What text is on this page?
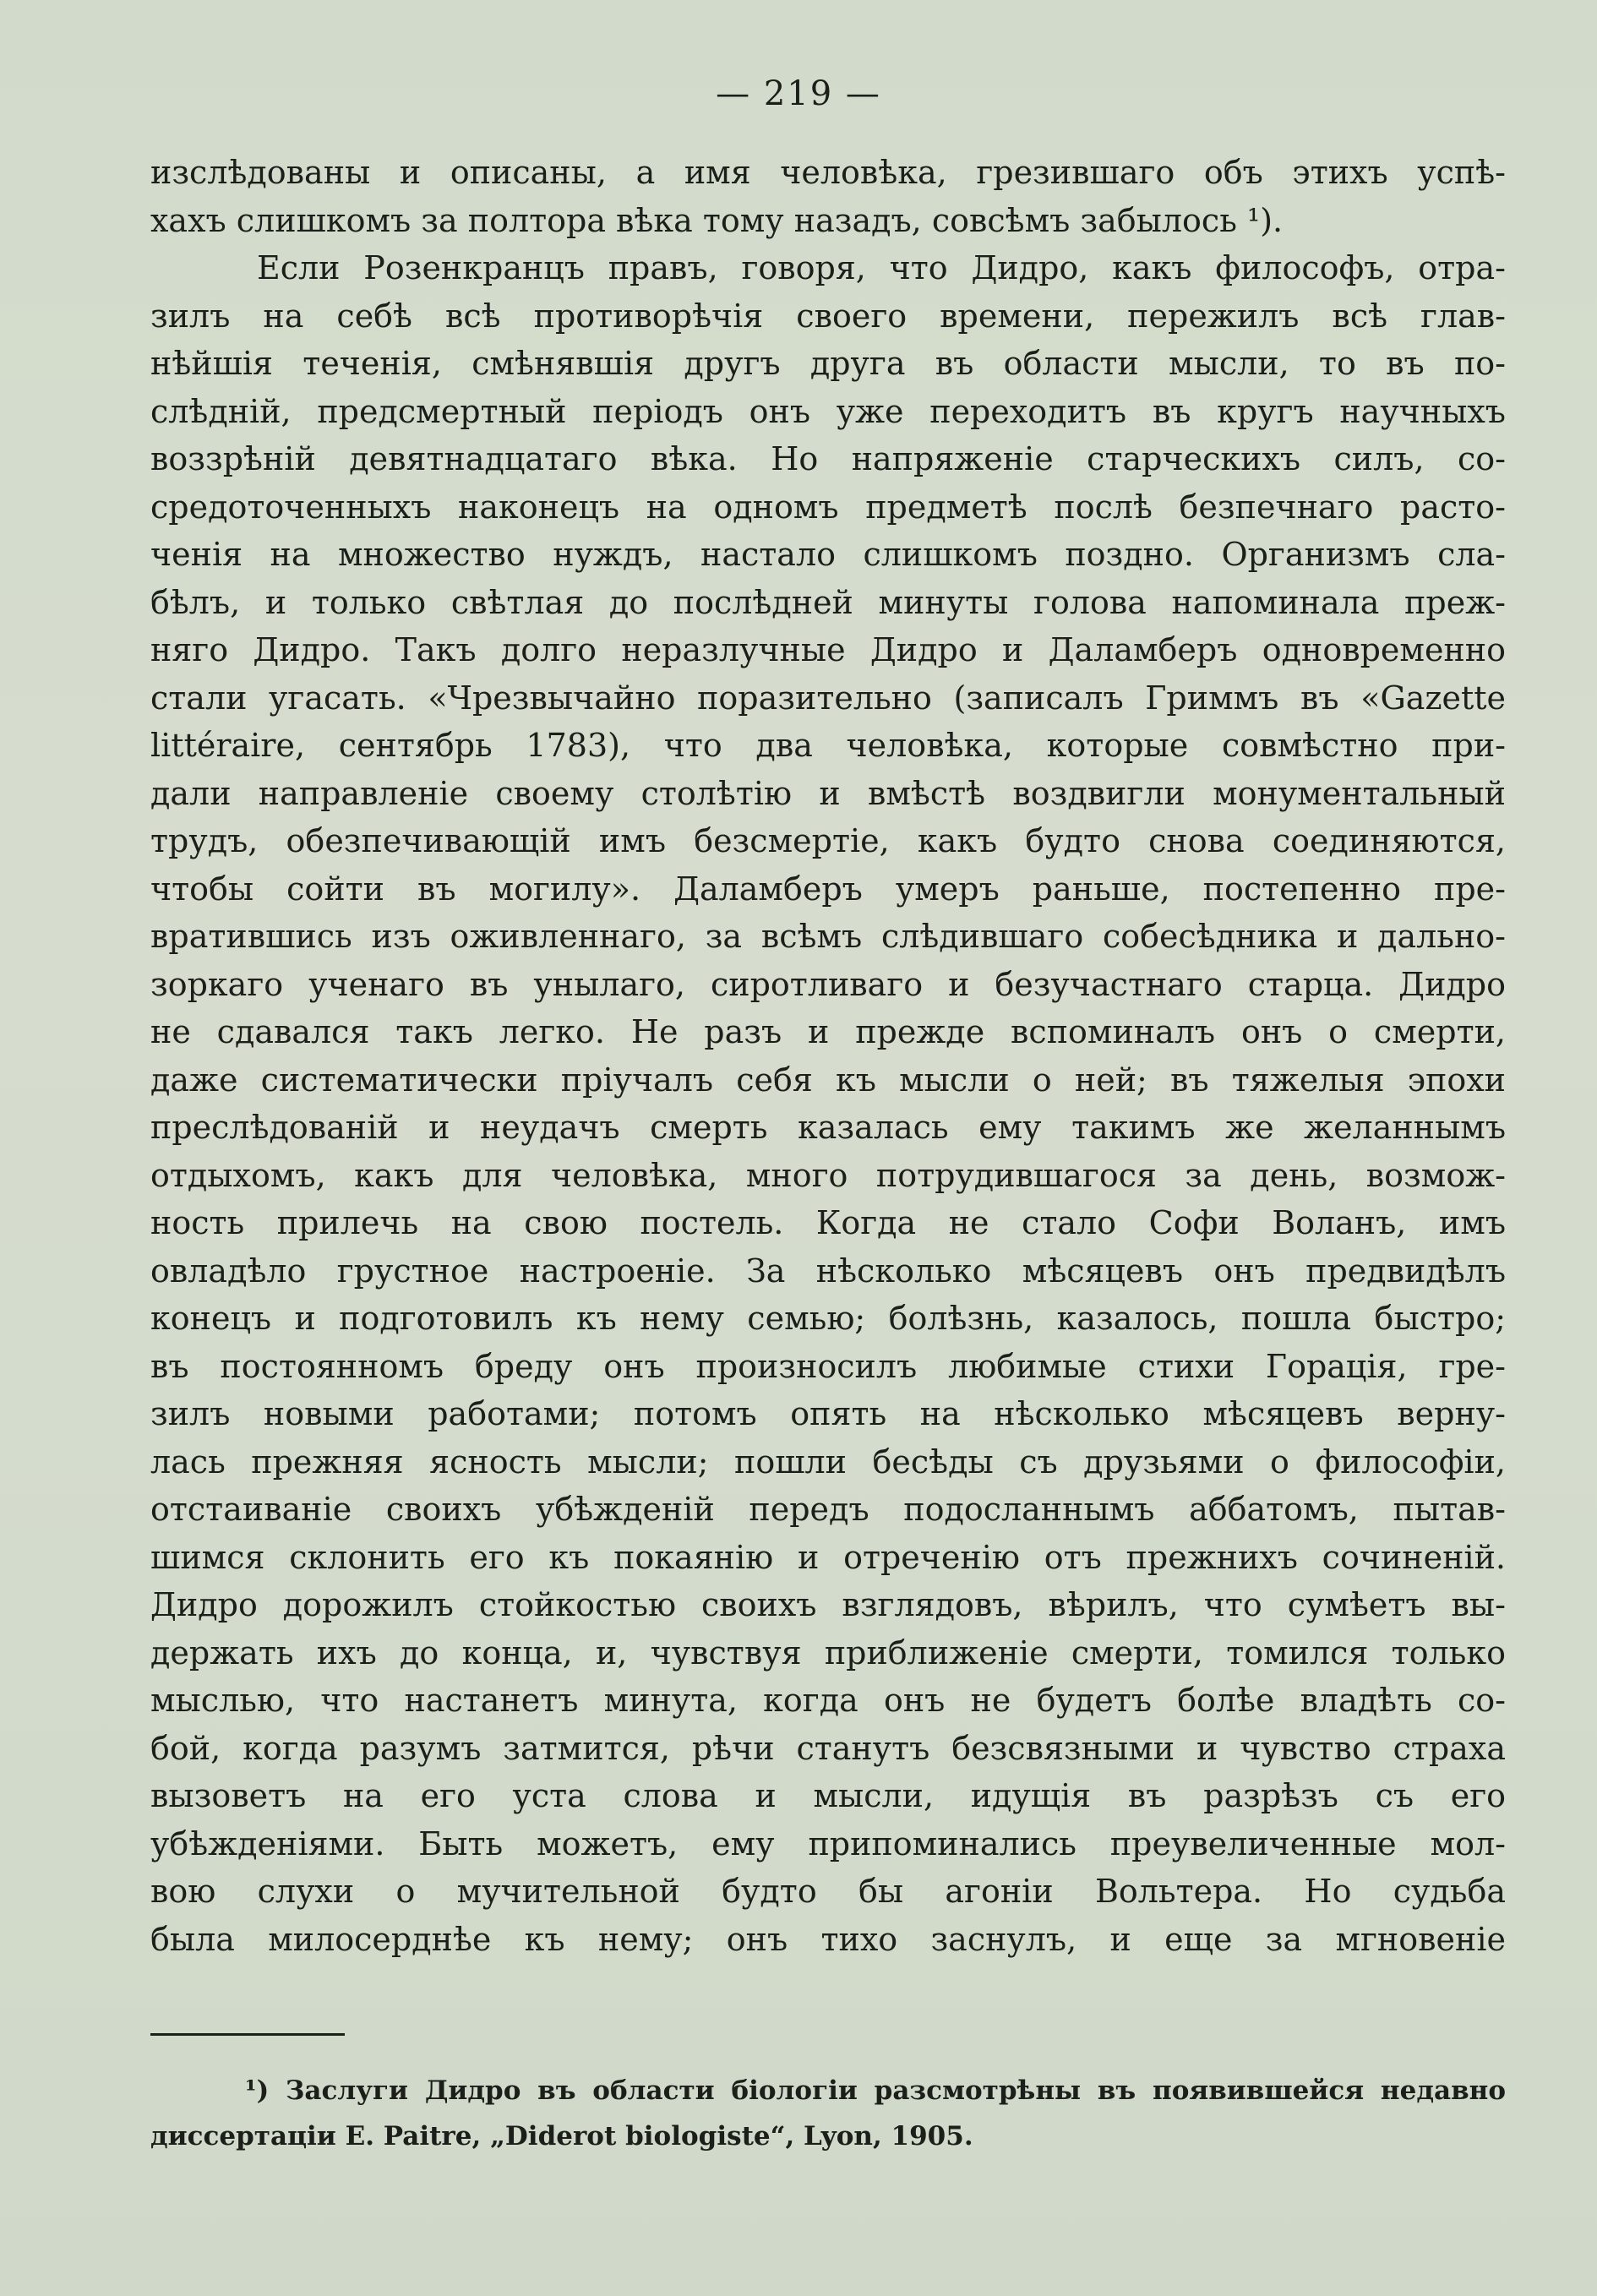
— 219 —
изслѣдованы и описаны, а имя человѣка, грезившаго объ этихъ успѣ-
хахъ слишкомъ за полтора вѣка тому назадъ, совсѣмъ забылось ¹).
Если Розенкранцъ правъ, говоря, что Дидро, какъ философъ, отра-
зилъ на себѣ всѣ противорѣчія своего времени, пережилъ всѣ глав-
нѣйшія теченія, смѣнявшія другъ друга въ области мысли, то въ по-
слѣдній, предсмертный періодъ онъ уже переходитъ въ кругъ научныхъ
воззрѣній девятнадцатаго вѣка. Но напряженіе старческихъ силъ, со-
средоточенныхъ наконецъ на одномъ предметѣ послѣ безпечнаго расто-
ченія на множество нуждъ, настало слишкомъ поздно. Организмъ сла-
бѣлъ, и только свѣтлая до послѣдней минуты голова напоминала преж-
няго Дидро. Такъ долго неразлучные Дидро и Даламберъ одновременно
стали угасать. «Чрезвычайно поразительно (записалъ Гриммъ въ «Gazette
littéraire, сентябрь 1783), что два человѣка, которые совмѣстно при-
дали направленіе своему столѣтію и вмѣстѣ воздвигли монументальный
трудъ, обезпечивающій имъ безсмертіе, какъ будто снова соединяются,
чтобы сойти въ могилу». Даламберъ умеръ раньше, постепенно пре-
вратившись изъ оживленнаго, за всѣмъ слѣдившаго собесѣдника и дально-
зоркаго ученаго въ унылаго, сиротливаго и безучастнаго старца. Дидро
не сдавался такъ легко. Не разъ и прежде вспоминалъ онъ о смерти,
даже систематически пріучалъ себя къ мысли о ней; въ тяжелыя эпохи
преслѣдованій и неудачъ смерть казалась ему такимъ же желаннымъ
отдыхомъ, какъ для человѣка, много потрудившагося за день, возмож-
ность прилечь на свою постель. Когда не стало Софи Воланъ, имъ
овладѣло грустное настроеніе. За нѣсколько мѣсяцевъ онъ предвидѣлъ
конецъ и подготовилъ къ нему семью; болѣзнь, казалось, пошла быстро;
въ постоянномъ бреду онъ произносилъ любимые стихи Горація, гре-
зилъ новыми работами; потомъ опять на нѣсколько мѣсяцевъ верну-
лась прежняя ясность мысли; пошли бесѣды съ друзьями о философіи,
отстаиваніе своихъ убѣжденій передъ подосланнымъ аббатомъ, пытав-
шимся склонить его къ покаянію и отреченію отъ прежнихъ сочиненій.
Дидро дорожилъ стойкостью своихъ взглядовъ, вѣрилъ, что сумѣетъ вы-
держать ихъ до конца, и, чувствуя приближеніе смерти, томился только
мыслью, что настанетъ минута, когда онъ не будетъ болѣе владѣть со-
бой, когда разумъ затмится, рѣчи станутъ безсвязными и чувство страха
вызоветъ на его уста слова и мысли, идущія въ разрѣзъ съ его
убѣжденіями. Быть можетъ, ему припоминались преувеличенные мол-
вою слухи о мучительной будто бы агоніи Вольтера. Но судьба
была милосерднѣе къ нему; онъ тихо заснулъ, и еще за мгновеніе
¹) Заслуги Дидро въ области біологіи разсмотрѣны въ появившейся недавно
диссертаціи E. Paitre, „Diderot biologiste“, Lyon, 1905.
